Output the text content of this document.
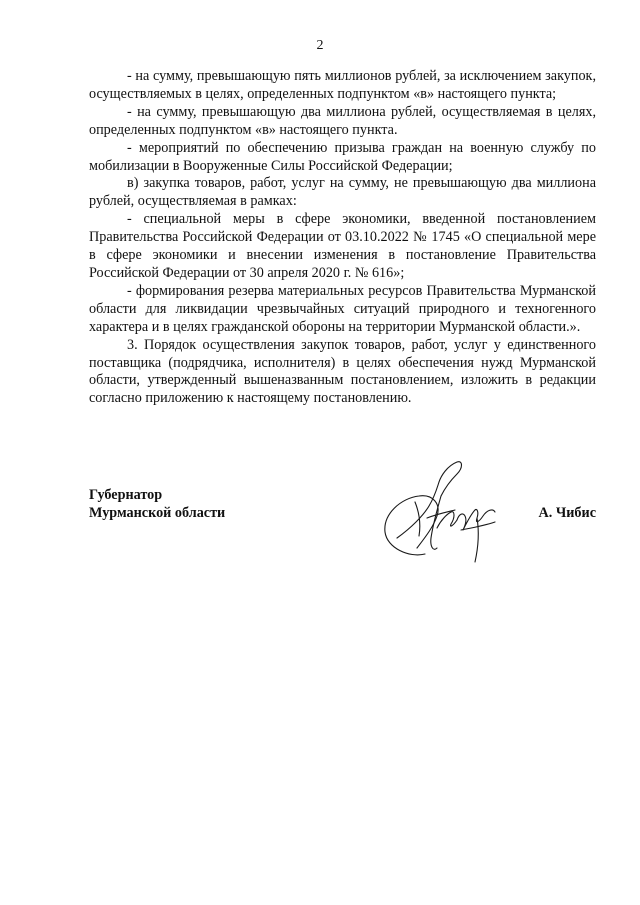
2

- на сумму, превышающую пять миллионов рублей, за исключением закупок, осуществляемых в целях, определенных подпунктом «в» настоящего пункта;

- на сумму, превышающую два миллиона рублей, осуществляемая в целях, определенных подпунктом «в» настоящего пункта.

- мероприятий по обеспечению призыва граждан на военную службу по мобилизации в Вооруженные Силы Российской Федерации;

в) закупка товаров, работ, услуг на сумму, не превышающую два миллиона рублей, осуществляемая в рамках:

- специальной меры в сфере экономики, введенной постановлением Правительства Российской Федерации от 03.10.2022 № 1745 «О специальной мере в сфере экономики и внесении изменения в постановление Правительства Российской Федерации от 30 апреля 2020 г. № 616»;

- формирования резерва материальных ресурсов Правительства Мурманской области для ликвидации чрезвычайных ситуаций природного и техногенного характера и в целях гражданской обороны на территории Мурманской области.».

3. Порядок осуществления закупок товаров, работ, услуг у единственного поставщика (подрядчика, исполнителя) в целях обеспечения нужд Мурманской области, утвержденный вышеназванным постановлением, изложить в редакции согласно приложению к настоящему постановлению.

Губернатор
Мурманской области	А. Чибис
